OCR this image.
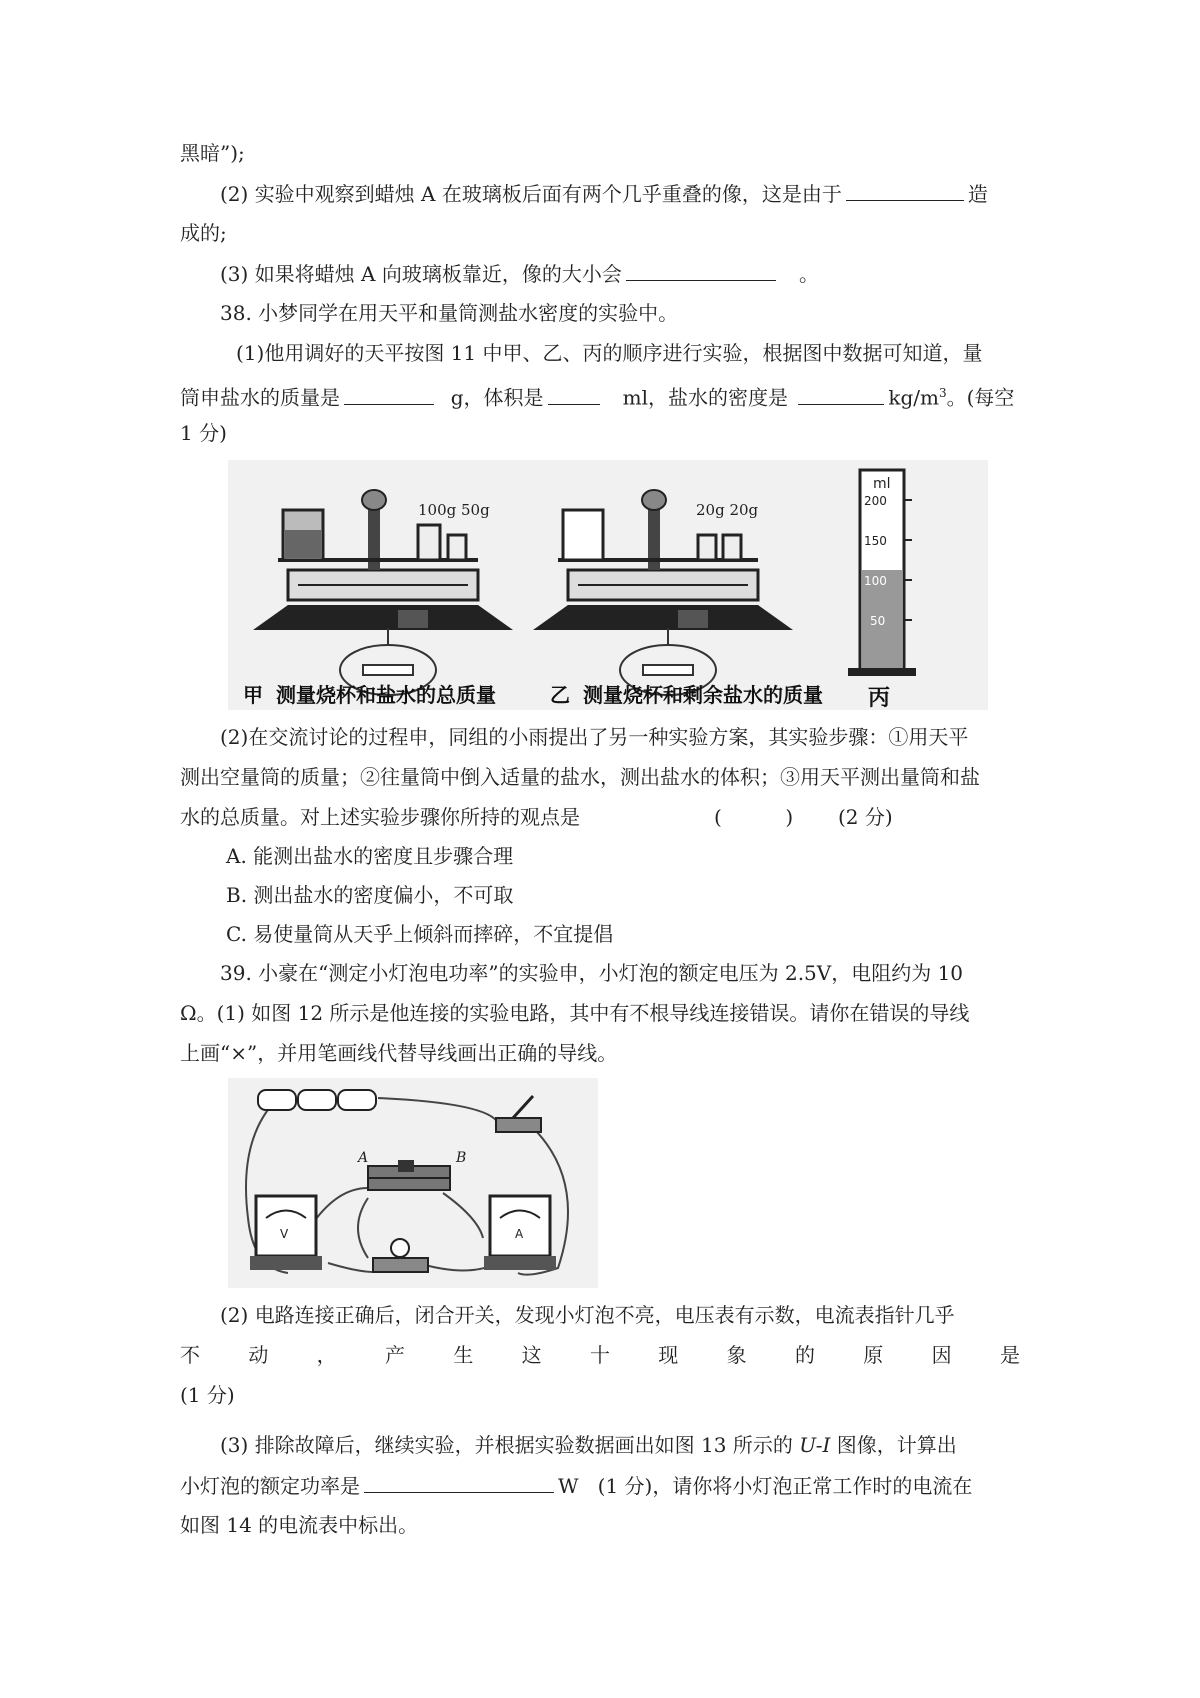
黑暗”);
(2) 实验中观察到蜡烛 A 在玻璃板后面有两个几乎重叠的像，这是由于	造
成的;
(3) 如果将蜡烛 A 向玻璃板靠近，像的大小会	。
38. 小梦同学在用天平和量筒测盐水密度的实验中。
(1)他用调好的天平按图 11 中甲、乙、丙的顺序进行实验，根据图中数据可知道，量
筒申盐水的质量是	g，体积是	ml，盐水的密度是	$kg/m^3$。(每空
1 分)
100g 50g	20g 20g
ml
200
150
100
50
甲 测量烧杯和盐水的总质量	乙 测量烧杯和剩余盐水的质量 丙
(2)在交流讨论的过程申，同组的小雨提出了另一种实验方案，其实验步骤：①用天平
测出空量筒的质量；②往量筒中倒入适量的盐水，测出盐水的体积；③用天平测出量筒和盐
水的总质量。对上述实验步骤你所持的观点是	(          ) (2 分)
A. 能测出盐水的密度且步骤合理
B. 测出盐水的密度偏小，不可取
C. 易使量筒从天乎上倾斜而摔碎，不宜提倡
39. 小豪在“测定小灯泡电功率”的实验申，小灯泡的额定电压为 2.5V，电阻约为 10
Ω。(1) 如图 12 所示是他连接的实验电路，其中有不根导线连接错误。请你在错误的导线
上画“×”，并用笔画线代替导线画出正确的导线。
A	B
V	A
(2) 电路连接正确后，闭合开关，发现小灯泡不亮，电压表有示数，电流表指针几乎
不 动 ， 产 生 这 十 现 象 的 原 因 是
(1 分)
(3) 排除故障后，继续实验，并根据实验数据画出如图 13 所示的 U-I 图像，计算出
小灯泡的额定功率是	W (1 分)，请你将小灯泡正常工作时的电流在
如图 14 的电流表中标出。
